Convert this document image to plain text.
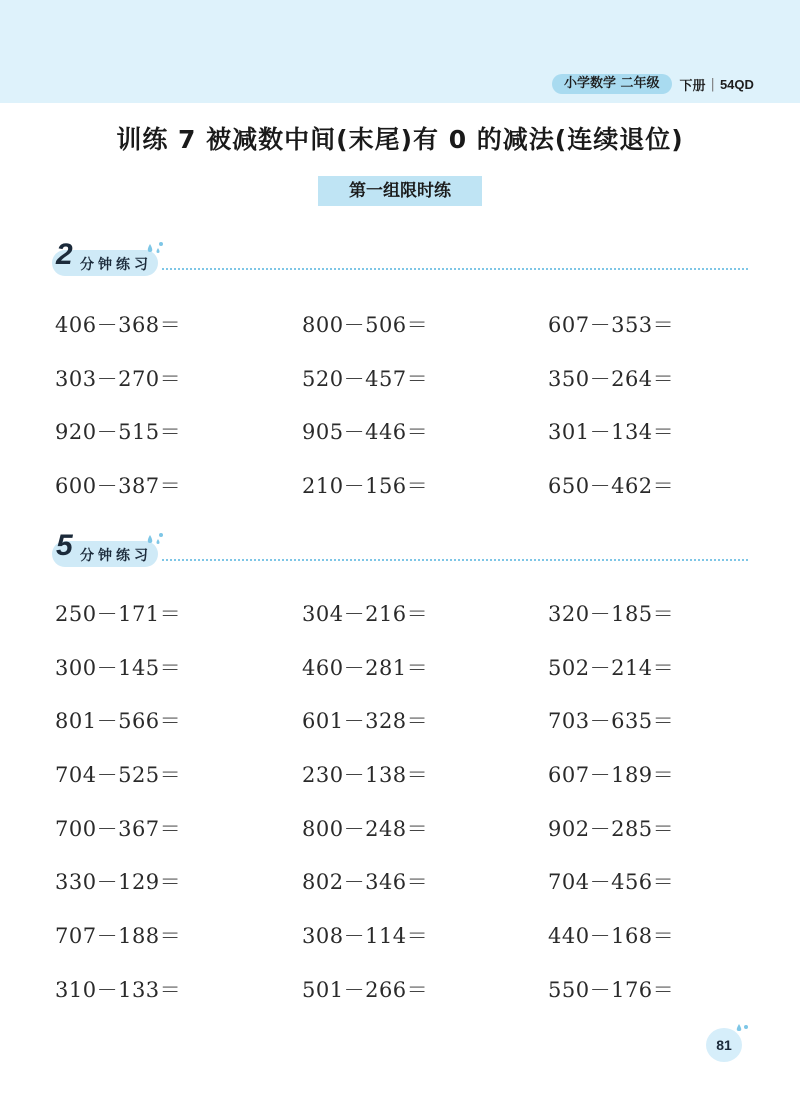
小学数学 二年级	下册 | 54QD
训练 7 被减数中间(末尾)有 0 的减法(连续退位)
第一组限时练
2 分钟练习
406－368＝	800－506＝	607－353＝
303－270＝	520－457＝	350－264＝
920－515＝	905－446＝	301－134＝
600－387＝	210－156＝	650－462＝
5 分钟练习
250－171＝	304－216＝	320－185＝
300－145＝	460－281＝	502－214＝
801－566＝	601－328＝	703－635＝
704－525＝	230－138＝	607－189＝
700－367＝	800－248＝	902－285＝
330－129＝	802－346＝	704－456＝
707－188＝	308－114＝	440－168＝
310－133＝	501－266＝	550－176＝
81
